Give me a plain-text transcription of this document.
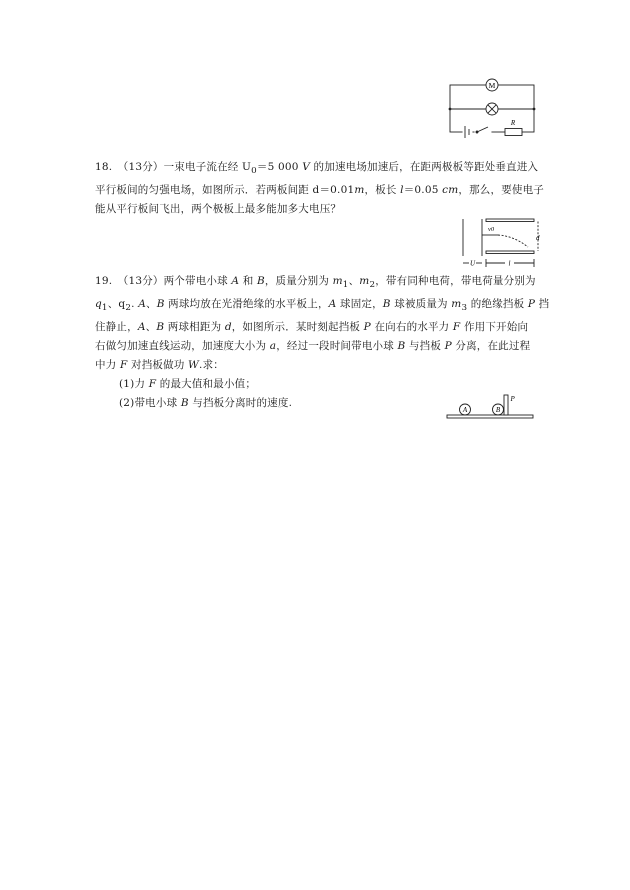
M
R
18.　（13分）一束电子流在经 $U_0=5$ 000 V 的加速电场加速后，在距两极板等距处垂直进入
平行板间的匀强电场，如图所示．若两板间距 d＝0.01m，板长 l＝0.05 cm，那么，要使电子
能从平行板间飞出，两个极板上最多能加多大电压？
v0
d
U	l
19.　（13分）两个带电小球 A 和 B，质量分别为 $m_1$、$m_2$，带有同种电荷，带电荷量分别为
$q_1$、$q_2$. A、B 两球均放在光滑绝缘的水平板上，A 球固定，B 球被质量为 $m_3$ 的绝缘挡板 P 挡
住静止，A、B 两球相距为 d，如图所示．某时刻起挡板 P 在向右的水平力 F 作用下开始向
右做匀加速直线运动，加速度大小为 a，经过一段时间带电小球 B 与挡板 P 分离，在此过程
中力 F 对挡板做功 W.求：
(1)力 F 的最大值和最小值；
(2)带电小球 B 与挡板分离时的速度.
A	B
P
